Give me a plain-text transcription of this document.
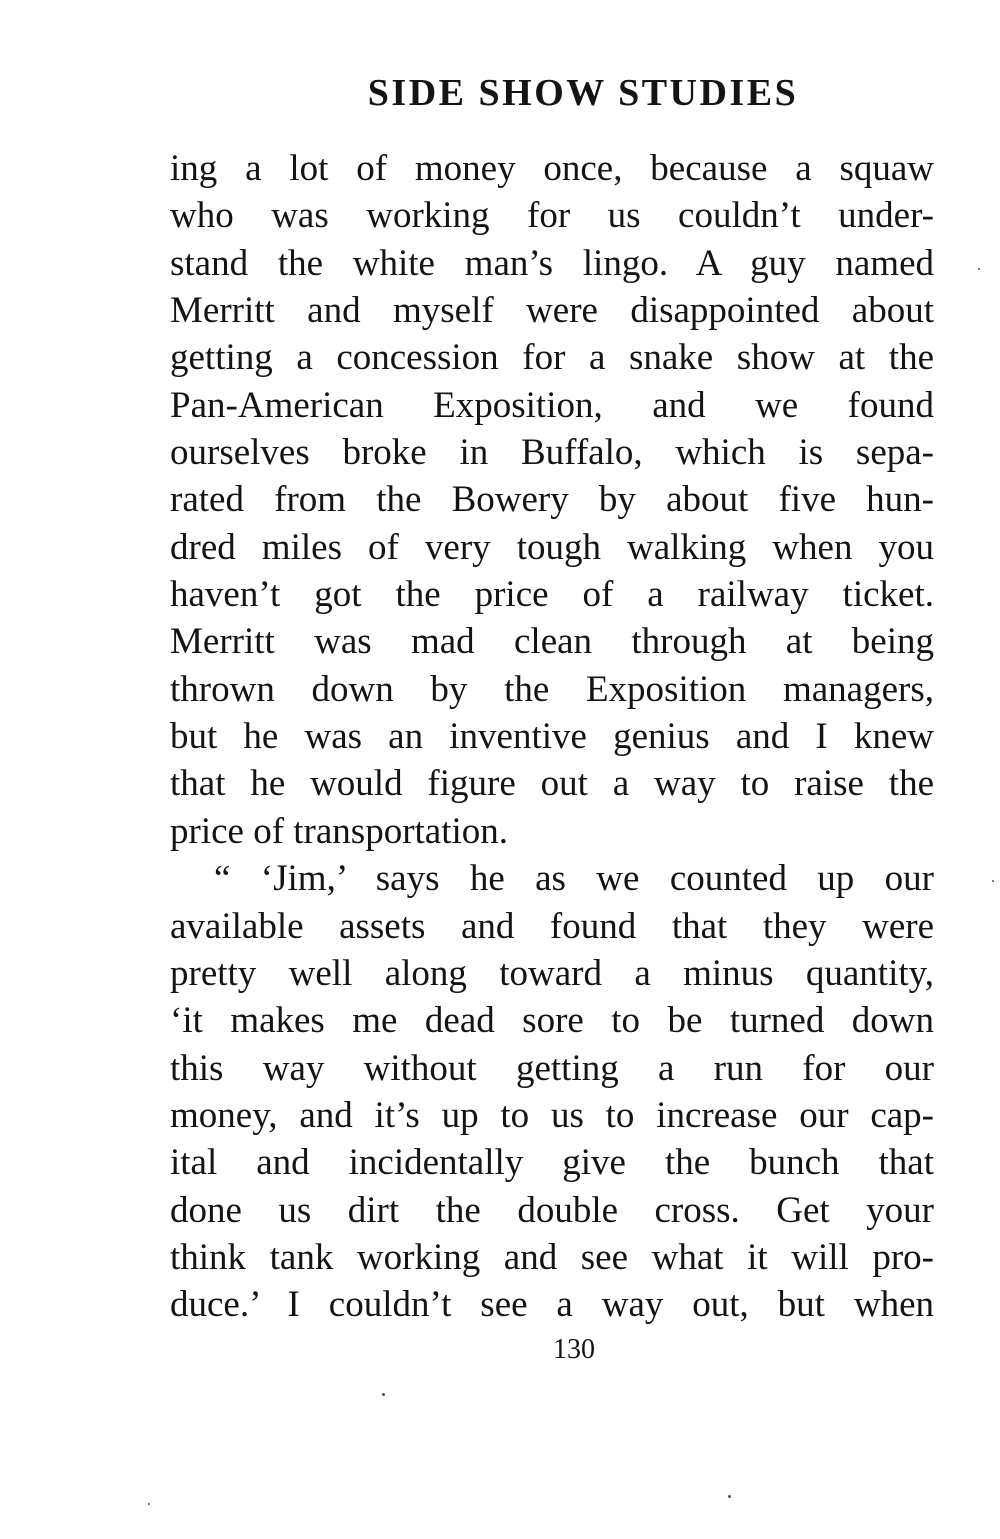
SIDE SHOW STUDIES
ing a lot of money once, because a squaw
who was working for us couldn’t under-
stand the white man’s lingo. A guy named
Merritt and myself were disappointed about
getting a concession for a snake show at the
Pan-American Exposition, and we found
ourselves broke in Buffalo, which is sepa-
rated from the Bowery by about five hun-
dred miles of very tough walking when you
haven’t got the price of a railway ticket.
Merritt was mad clean through at being
thrown down by the Exposition managers,
but he was an inventive genius and I knew
that he would figure out a way to raise the
price of transportation.
“ ‘Jim,’ says he as we counted up our
available assets and found that they were
pretty well along toward a minus quantity,
‘it makes me dead sore to be turned down
this way without getting a run for our
money, and it’s up to us to increase our cap-
ital and incidentally give the bunch that
done us dirt the double cross. Get your
think tank working and see what it will pro-
duce.’ I couldn’t see a way out, but when
130
